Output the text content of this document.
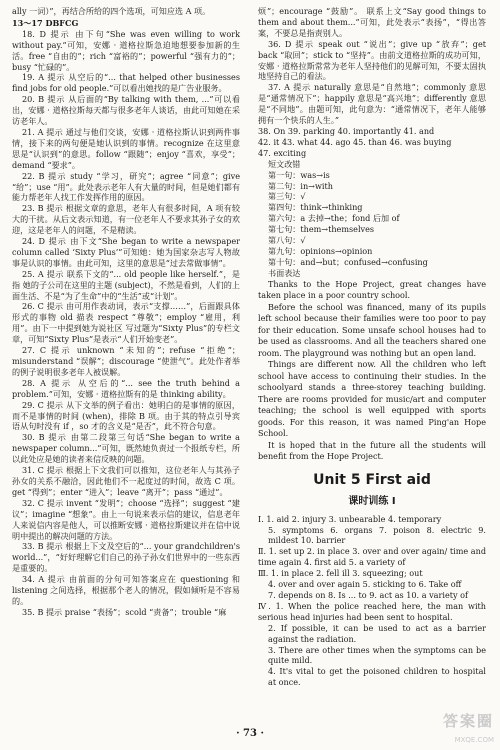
ally 一词）”，再结合所给的四个选项，可知应选 A 项。

13～17 DBFCG

18. D 提示 由下句“She was even willing to work without pay.”可知，安娜 · 道格拉斯急迫地想要参加新的生活。free “自由的”；rich “富裕的”；powerful “强有力的”；busy “忙碌的”。

19. A 提示 从空后的“... that helped other businesses find jobs for old people.”可以看出她找的是广告业服务。

20. B 提示 从后面的“By talking with them, ...”可以看出，安娜 · 道格拉斯每天都与很多老年人谈话，由此可知她在采访老年人。

21. A 提示 通过与他们交谈，安娜 · 道格拉斯认识到两件事情，接下来的两句便是她认识到的事情。recognize 在这里意思是“认识到”的意思。follow “跟随”；enjoy “喜欢，享受”；demand “要求”。

22. B 提示 study “学习，研究”；agree “同意”；give “给”；use “用”。此处表示老年人有大量的时间，但是她们都有能力帮老年人找工作发挥作用的原因。

23. B 提示 根据文章的意思，老年人有很多时间，A 项有较大的干扰。从后文表示知道，有一位老年人不要求其孙子女的欢迎，这是老年人的问题，不是精读。

24. D 提示 由下文“She began to write a newspaper column called ‘Sixty Plus’”可知她：她为国家杂志写人物故事是认识的事情。由此可知，这里的意思是“过去常做事情”。

25. A 提示 联系下文的“... old people like herself.”，是指 她的子公司在这里的主题 (subject)，不然是看到，人们的上面生活、不是“为了生命”中的“生活”或“计划”。

26. C 提示 由可用作表动词，表示“支撑……”，后面跟具体形式的事物 old 描表 respect “尊敬”；employ “雇用，利用”。由下一中提到她为说社区 写过题为“Sixty Plus”的专栏文章，可知“Sixty Plus”是表示“人们开始变老”。

27. C 提示 unknown “未知的”；refuse “拒绝”；misunderstand “误解”；discourage “使泄气”。此处作者举的例子说明很多老年人被误解。

28. A 提示 从空后的“... see the truth behind a problem.”可知，安娜 · 道格拉斯有的是 thinking ability。

29. C 提示 从下文举的例子看出：她明白的是事情的原因，而不是事情的时间 (when)，排除 B 项。由于其的特点引导宾语从句时没有 if ，so 才的含义是“是否”，此不符合句意。

30. B 提示 由第二段第三句话“She began to write a newspaper column...”可知，既然她负责过一个报纸专栏，所以此处应是她的读者来信反映的问题。

31. C 提示 根据上下文我们可以推知，这位老年人与其孙子孙女的关系不融洽，因此他们不一起度过的时间，故选 C 项。get “得到”；enter “进入”；leave “离开”；pass “通过”。

32. C 提示 invent “发明”；choose “选择”；suggest “建议”；imagine “想象”。由上一句说来表示信的建议，信息老年人来说信内容是他人，可以推断安娜 · 道格拉斯建议并在信中说明中提出的解决问题的方法。

33. B 提示 根据上下文及空后的“... your grandchildren's world...”，“好好理解它们自己的孙子孙女们世界中的一些东西是重要的。

34. A 提示 由前面的分句可知答案应在 questioning 和 listening 之间选择，根据那个老人的情况，假如倾听是不容易的。

35. B 提示 praise “表扬”；scold “责备”；trouble “麻

烦”；encourage “鼓励”。 联系上文“Say good things to them and about them...”可知，此处表示“表扬”，“得出答案，不要总是指责别人。

36. D 提示 speak out “说出”；give up “放弃”；get back “取回”；stick to “坚持”。由前文道格拉斯的成功可知，安娜 · 道格拉斯常常为老年人坚持他们的见解可知，不要太固执地坚持自己的看法。

37. A 提示 naturally 意思是“自然地”；commonly 意思是“通常情况下”；happily 意思是“高兴地”；differently 意思是“不同地”。由题可知，此句意为：“通常情况下，老年人能够拥有一个快乐的人生。”

38. On 39. parking 40. importantly 41. and

42. it 43. what 44. ago 45. than 46. was buying

47. exciting

短文改错

第一句：was→is

第二句：in→with

第三句：√

第四句：think→thinking

第六句：a 去掉→the；fond 后加 of

第七句：them→themselves

第八句：√

第九句：opinions→opinion

第十句：and→but；confused→confusing

书面表达

Thanks to the Hope Project, great changes have taken place in a poor country school.

Before the school was financed, many of its pupils left school because their families were too poor to pay for their education. Some unsafe school houses had to be used as classrooms. And all the teachers shared one room. The playground was nothing but an open land.

Things are different now. All the children who left school have access to continuing their studies. In the schoolyard stands a three-storey teaching building. There are rooms provided for music/art and computer teaching; the school is well equipped with sports goods. For this reason, it was named Ping'an Hope School.

It is hoped that in the future all the students will benefit from the Hope Project.

Unit 5 First aid
课时训练 Ⅰ

Ⅰ. 1. aid 2. injury 3. unbearable 4. temporary

5. symptoms 6. organs 7. poison 8. electric 9. mildest 10. barrier

Ⅱ. 1. set up 2. in place 3. over and over again/ time and time again 4. first aid 5. a variety of

Ⅲ. 1. in place 2. fell ill 3. squeezing; out

4. over and over again 5. sticking to 6. Take off

7. depends on 8. Is ... to 9. act as 10. a variety of

Ⅳ. 1. When the police reached here, the man with serious head injuries had been sent to hospital.

2. If possible, it can be used to act as a barrier against the radiation.

3. There are other times when the symptoms can be quite mild.

4. It's vital to get the poisoned children to hospital at once.

· 73 ·
答案圈
MXQE.COM
